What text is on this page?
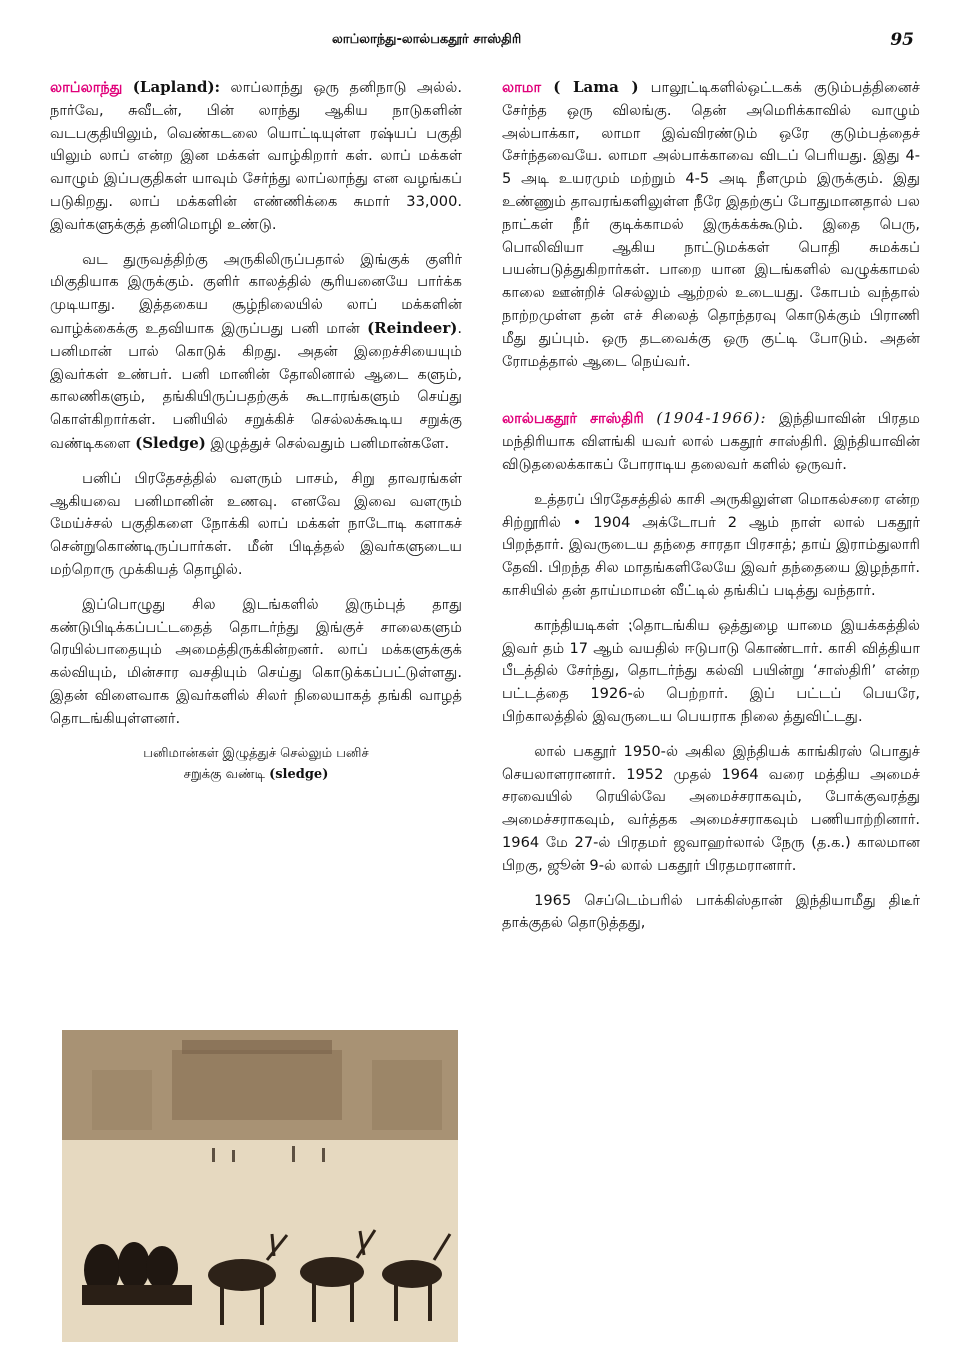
லாப்லாந்து-லால்பகதூர் சாஸ்திரி	95

லாப்லாந்து (Lapland): லாப்லாந்து ஒரு தனிநாடு அல்ல். நார்வே, சுவீடன், பின் லாந்து ஆகிய நாடுகளின் வடபகுதியிலும், வெண்கடலை யொட்டியுள்ள ரஷ்யப் பகுதி யிலும் லாப் என்ற இன மக்கள் வாழ்கிறார் கள். லாப் மக்கள் வாழும் இப்பகுதிகள் யாவும் சேர்ந்து லாப்லாந்து என வழங்கப் படுகிறது. லாப் மக்களின் எண்ணிக்கை சுமார் 33,000. இவர்களுக்குத் தனிமொழி உண்டு.

வட துருவத்திற்கு அருகிலிருப்பதால் இங்குக் குளிர் மிகுதியாக இருக்கும். குளிர் காலத்தில் சூரியனையே பார்க்க முடியாது. இத்தகைய சூழ்நிலையில் லாப் மக்களின் வாழ்க்கைக்கு உதவியாக இருப்பது பனி மான் (Reindeer). பனிமான் பால் கொடுக் கிறது. அதன் இறைச்சியையும் இவர்கள் உண்பர். பனி மானின் தோலினால் ஆடை களும், காலணிகளும், தங்கியிருப்பதற்குக் கூடாரங்களும் செய்து கொள்கிறார்கள். பனியில் சறுக்கிச் செல்லக்கூடிய சறுக்கு வண்டிகளை (Sledge) இழுத்துச் செல்வதும் பனிமான்களே.

பனிப் பிரதேசத்தில் வளரும் பாசம், சிறு தாவரங்கள் ஆகியவை பனிமானின் உணவு. எனவே இவை வளரும் மேய்ச்சல் பகுதிகளை நோக்கி லாப் மக்கள் நாடோடி களாகச் சென்றுகொண்டிருப்பார்கள். மீன் பிடித்தல் இவர்களுடைய மற்றொரு முக்கியத் தொழில்.

இப்பொழுது சில இடங்களில் இரும்புத் தாது கண்டுபிடிக்கப்பட்டதைத் தொடர்ந்து இங்குச் சாலைகளும் ரெயில்பாதையும் அமைத்திருக்கின்றனர். லாப் மக்களுக்குக் கல்வியும், மின்சார வசதியும் செய்து கொடுக்கப்பட்டுள்ளது. இதன் விளைவாக இவர்களில் சிலர் நிலையாகத் தங்கி வாழத் தொடங்கியுள்ளனர்.

பனிமான்கள் இழுத்துச் செல்லும் பனிச்
சறுக்கு வண்டி (sledge)

லாமா ( Lama ) பாலூட்டிகளில்ஒட்டகக் குடும்பத்தினைச் சேர்ந்த ஒரு விலங்கு. தென் அமெரிக்காவில் வாழும் அல்பாக்கா, லாமா இவ்விரண்டும் ஒரே குடும்பத்தைச் சேர்ந்தவையே. லாமா அல்பாக்காவை விடப் பெரியது. இது 4-5 அடி உயரமும் மற்றும் 4-5 அடி நீளமும் இருக்கும். இது உண்ணும் தாவரங்களிலுள்ள நீரே இதற்குப் போதுமானதால் பல நாட்கள் நீர் குடிக்காமல் இருக்கக்கூடும். இதை பெரு, பொலிவியா ஆகிய நாட்டுமக்கள் பொதி சுமக்கப் பயன்படுத்துகிறார்கள். பாறை யான இடங்களில் வழுக்காமல் காலை ஊன்றிச் செல்லும் ஆற்றல் உடையது. கோபம் வந்தால் நாற்றமுள்ள தன் எச் சிலைத் தொந்தரவு கொடுக்கும் பிராணி மீது துப்பும். ஒரு தடவைக்கு ஒரு குட்டி போடும். அதன் ரோமத்தால் ஆடை நெய்வர்.

லால்பகதூர் சாஸ்திரி (1904-1966): இந்தியாவின் பிரதம மந்திரியாக விளங்கி யவர் லால் பகதூர் சாஸ்திரி. இந்தியாவின் விடுதலைக்காகப் போராடிய தலைவர் களில் ஒருவர்.

உத்தரப் பிரதேசத்தில் காசி அருகிலுள்ள மொகல்சரை என்ற சிற்றூரில் • 1904 அக்டோபர் 2 ஆம் நாள் லால் பகதூர் பிறந்தார். இவருடைய தந்தை சாரதா பிரசாத்; தாய் இராம்துலாரி தேவி. பிறந்த சில மாதங்களிலேயே இவர் தந்தையை இழந்தார். காசியில் தன் தாய்மாமன் வீட்டில் தங்கிப் படித்து வந்தார்.

காந்தியடிகள் ⁏தொடங்கிய ஒத்துழை யாமை இயக்கத்தில் இவர் தம் 17 ஆம் வயதில் ஈடுபாடு கொண்டார். காசி வித்தியா பீடத்தில் சேர்ந்து, தொடர்ந்து கல்வி பயின்று ‘சாஸ்திரி’ என்ற பட்டத்தை 1926-ல் பெற்றார். இப் பட்டப் பெயரே, பிற்காலத்தில் இவருடைய பெயராக நிலை த்துவிட்டது.

லால் பகதூர் 1950-ல் அகில இந்தியக் காங்கிரஸ் பொதுச் செயலாளரானார். 1952 முதல் 1964 வரை மத்திய அமைச் சரவையில் ரெயில்வே அமைச்சராகவும், போக்குவரத்து அமைச்சராகவும், வர்த்தக அமைச்சராகவும் பணியாற்றினார். 1964 மே 27-ல் பிரதமர் ஜவாஹர்லால் நேரு (த.க.) காலமான பிறகு, ஜூன் 9-ல் லால் பகதூர் பிரதமரானார்.

1965 செப்டெம்பரில் பாக்கிஸ்தான் இந்தியாமீது திடீர் தாக்குதல் தொடுத்தது,
